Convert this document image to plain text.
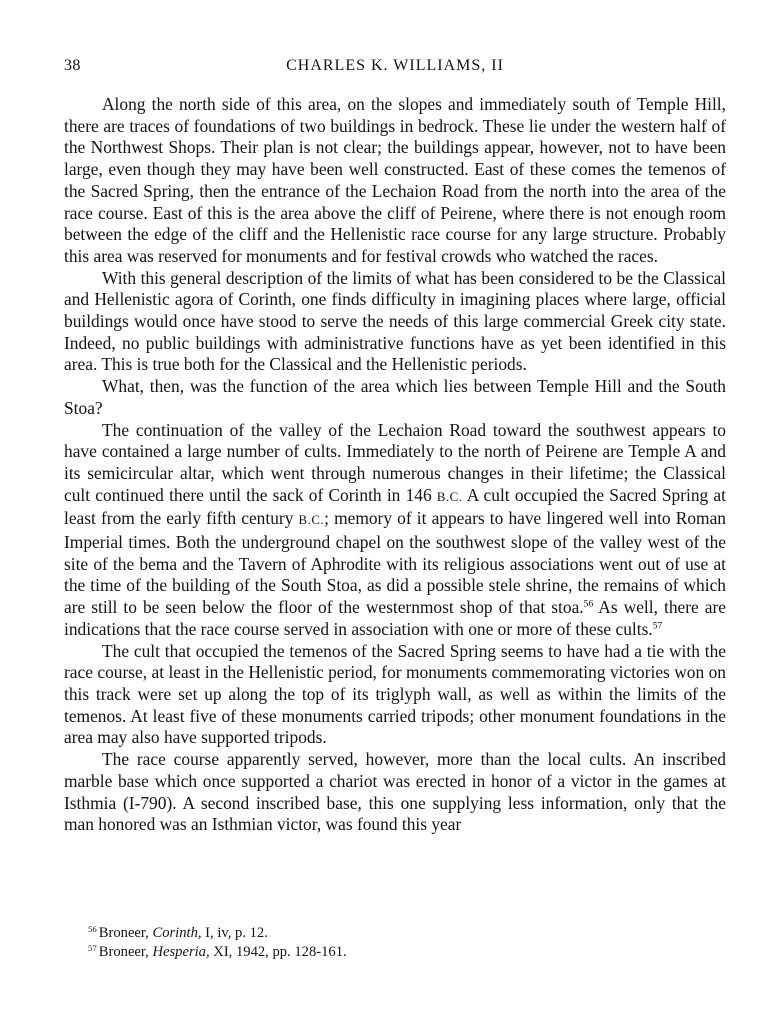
38	CHARLES K. WILLIAMS, II

Along the north side of this area, on the slopes and immediately south of Temple Hill, there are traces of foundations of two buildings in bedrock. These lie under the western half of the Northwest Shops. Their plan is not clear; the buildings appear, however, not to have been large, even though they may have been well constructed. East of these comes the temenos of the Sacred Spring, then the entrance of the Lechaion Road from the north into the area of the race course. East of this is the area above the cliff of Peirene, where there is not enough room between the edge of the cliff and the Hellenistic race course for any large structure. Probably this area was reserved for monuments and for festival crowds who watched the races.

With this general description of the limits of what has been considered to be the Classical and Hellenistic agora of Corinth, one finds difficulty in imagining places where large, official buildings would once have stood to serve the needs of this large commercial Greek city state. Indeed, no public buildings with administrative functions have as yet been identified in this area. This is true both for the Classical and the Hellenistic periods.

What, then, was the function of the area which lies between Temple Hill and the South Stoa?

The continuation of the valley of the Lechaion Road toward the southwest appears to have contained a large number of cults. Immediately to the north of Peirene are Temple A and its semicircular altar, which went through numerous changes in their lifetime; the Classical cult continued there until the sack of Corinth in 146 B.C. A cult occupied the Sacred Spring at least from the early fifth century B.C.; memory of it appears to have lingered well into Roman Imperial times. Both the underground chapel on the southwest slope of the valley west of the site of the bema and the Tavern of Aphrodite with its religious associations went out of use at the time of the building of the South Stoa, as did a possible stele shrine, the remains of which are still to be seen below the floor of the westernmost shop of that stoa.$^{56}$ As well, there are indications that the race course served in association with one or more of these cults.$^{57}$

The cult that occupied the temenos of the Sacred Spring seems to have had a tie with the race course, at least in the Hellenistic period, for monuments commemorating victories won on this track were set up along the top of its triglyph wall, as well as within the limits of the temenos. At least five of these monuments carried tripods; other monument foundations in the area may also have supported tripods.

The race course apparently served, however, more than the local cults. An inscribed marble base which once supported a chariot was erected in honor of a victor in the games at Isthmia (I-790). A second inscribed base, this one supplying less information, only that the man honored was an Isthmian victor, was found this year

$^{56}$ Broneer, Corinth, I, iv, p. 12.

$^{57}$ Broneer, Hesperia, XI, 1942, pp. 128-161.
